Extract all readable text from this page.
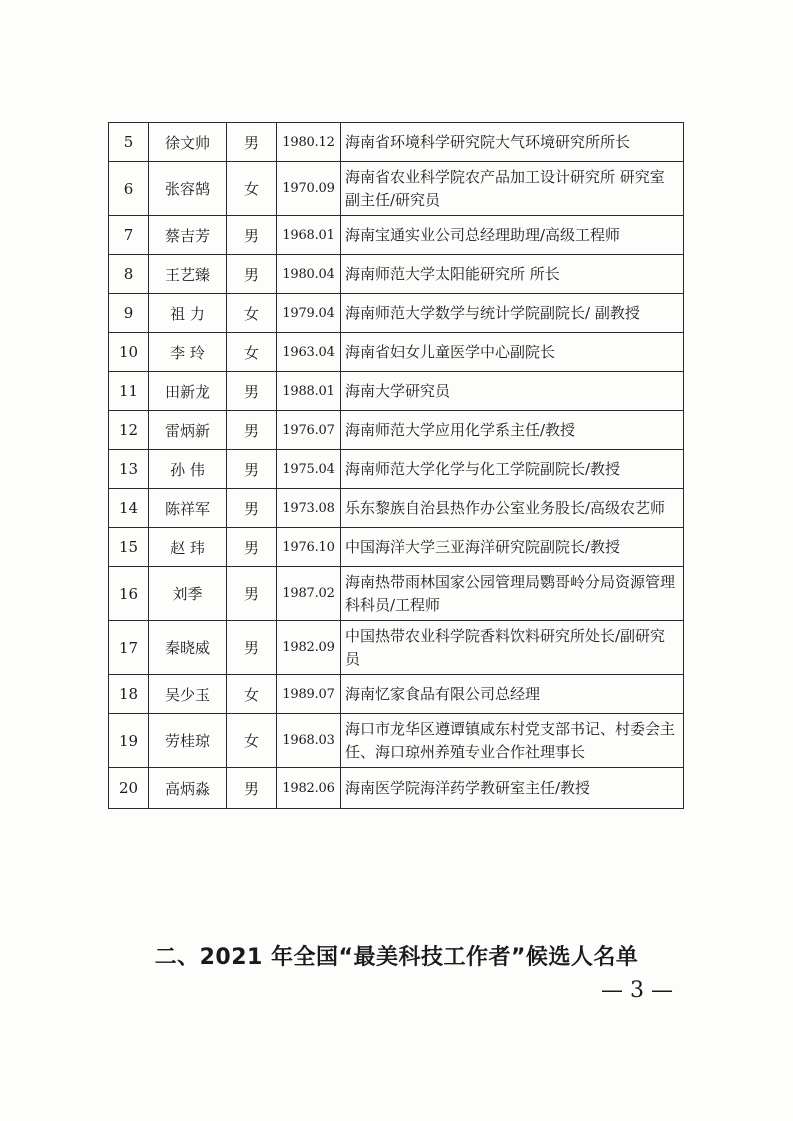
5	徐文帅	男	1980.12	海南省环境科学研究院大气环境研究所所长
6	张容鹄	女	1970.09	海南省农业科学院农产品加工设计研究所 研究室副主任/研究员
7	蔡吉芳	男	1968.01	海南宝通实业公司总经理助理/高级工程师
8	王艺臻	男	1980.04	海南师范大学太阳能研究所 所长
9	祖 力	女	1979.04	海南师范大学数学与统计学院副院长/ 副教授
10	李 玲	女	1963.04	海南省妇女儿童医学中心副院长
11	田新龙	男	1988.01	海南大学研究员
12	雷炳新	男	1976.07	海南师范大学应用化学系主任/教授
13	孙 伟	男	1975.04	海南师范大学化学与化工学院副院长/教授
14	陈祥军	男	1973.08	乐东黎族自治县热作办公室业务股长/高级农艺师
15	赵 玮	男	1976.10	中国海洋大学三亚海洋研究院副院长/教授
16	刘季	男	1987.02	海南热带雨林国家公园管理局鹦哥岭分局资源管理科科员/工程师
17	秦晓威	男	1982.09	中国热带农业科学院香料饮料研究所处长/副研究员
18	吴少玉	女	1989.07	海南忆家食品有限公司总经理
19	劳桂琼	女	1968.03	海口市龙华区遵谭镇咸东村党支部书记、村委会主任、海口琼州养殖专业合作社理事长
20	高炳淼	男	1982.06	海南医学院海洋药学教研室主任/教授
二、2021 年全国“最美科技工作者”候选人名单
— 3 —
